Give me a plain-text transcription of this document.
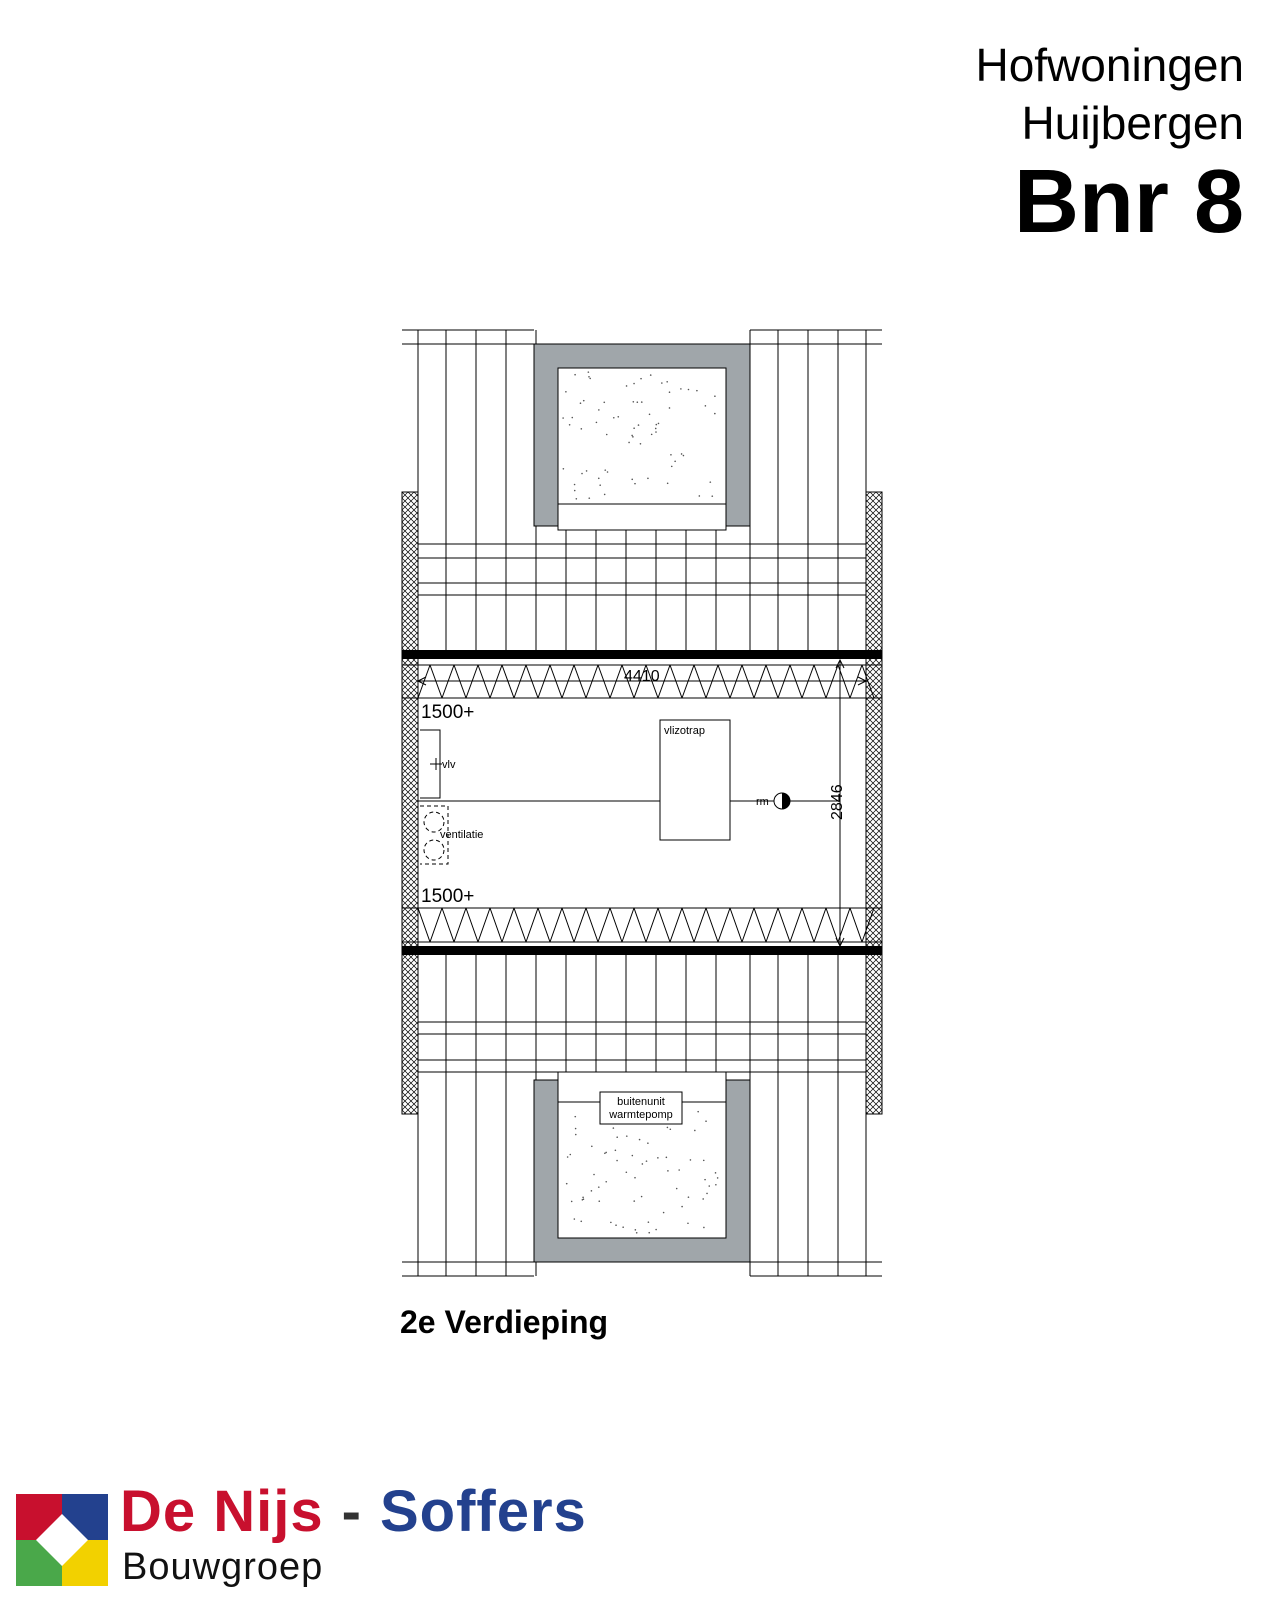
Hofwoningen
Huijbergen
Bnr 8
4410
2846
1500+
1500+
vlizotrap
vlv
ventilatie
rm
buitenunit
warmtepomp
2e Verdieping
De Nijs - Soffers
Bouwgroep
